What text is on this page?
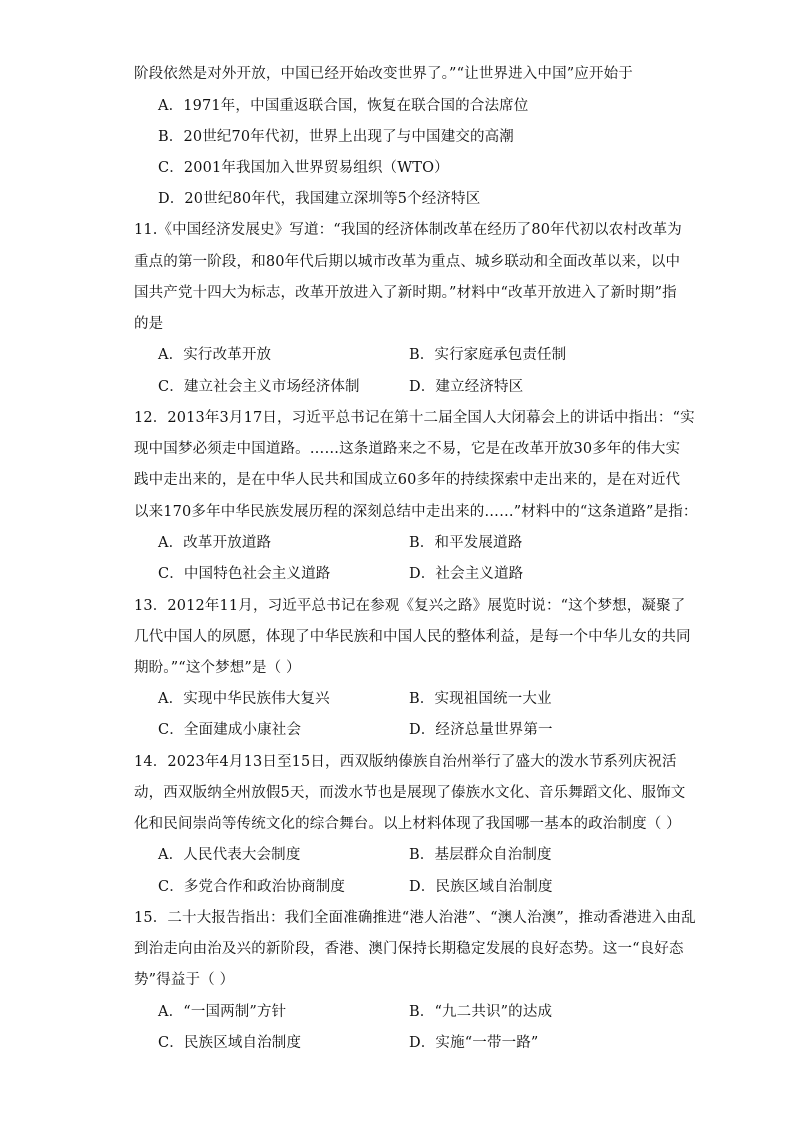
阶段依然是对外开放，中国已经开始改变世界了。”“让世界进入中国”应开始于
A．1971年，中国重返联合国，恢复在联合国的合法席位
B．20世纪70年代初，世界上出现了与中国建交的高潮
C．2001年我国加入世界贸易组织（WTO）
D．20世纪80年代，我国建立深圳等5个经济特区
11.《中国经济发展史》写道：“我国的经济体制改革在经历了80年代初以农村改革为
重点的第一阶段，和80年代后期以城市改革为重点、城乡联动和全面改革以来，以中
国共产党十四大为标志，改革开放进入了新时期。”材料中“改革开放进入了新时期”指
的是
A．实行改革开放	B．实行家庭承包责任制
C．建立社会主义市场经济体制	D．建立经济特区
12．2013年3月17日，习近平总书记在第十二届全国人大闭幕会上的讲话中指出：“实
现中国梦必须走中国道路。……这条道路来之不易，它是在改革开放30多年的伟大实
践中走出来的，是在中华人民共和国成立60多年的持续探索中走出来的，是在对近代
以来170多年中华民族发展历程的深刻总结中走出来的……”材料中的“这条道路”是指：
A．改革开放道路	B．和平发展道路
C．中国特色社会主义道路	D．社会主义道路
13．2012年11月，习近平总书记在参观《复兴之路》展览时说：“这个梦想，凝聚了
几代中国人的夙愿，体现了中华民族和中国人民的整体利益，是每一个中华儿女的共同
期盼。”“这个梦想”是（ ）
A．实现中华民族伟大复兴	B．实现祖国统一大业
C．全面建成小康社会	D．经济总量世界第一
14．2023年4月13日至15日，西双版纳傣族自治州举行了盛大的泼水节系列庆祝活
动，西双版纳全州放假5天，而泼水节也是展现了傣族水文化、音乐舞蹈文化、服饰文
化和民间崇尚等传统文化的综合舞台。以上材料体现了我国哪一基本的政治制度（ ）
A．人民代表大会制度	B．基层群众自治制度
C．多党合作和政治协商制度	D．民族区域自治制度
15．二十大报告指出：我们全面准确推进“港人治港”、“澳人治澳”，推动香港进入由乱
到治走向由治及兴的新阶段，香港、澳门保持长期稳定发展的良好态势。这一“良好态
势”得益于（ ）
A．“一国两制”方针	B．“九二共识”的达成
C．民族区域自治制度	D．实施“一带一路”
